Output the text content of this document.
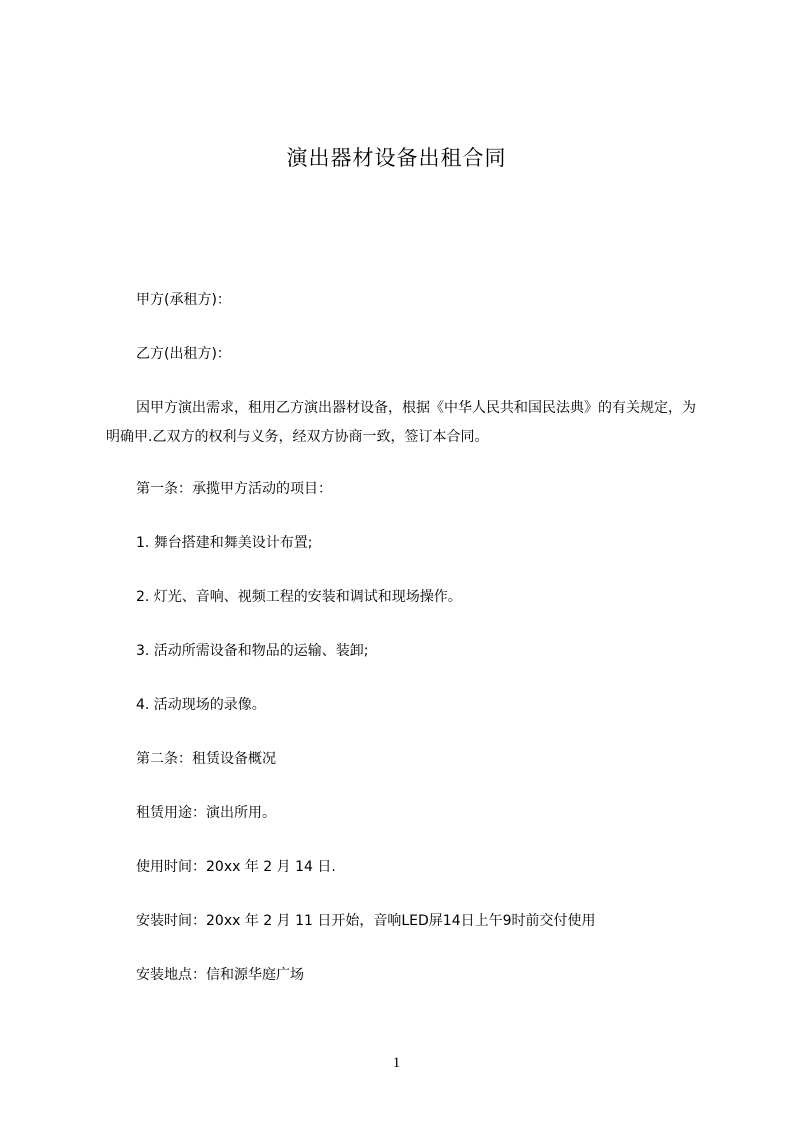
演出器材设备出租合同
甲方(承租方)：
乙方(出租方)：
因甲方演出需求，租用乙方演出器材设备，根据《中华人民共和国民法典》的有关规定，为明确甲.乙双方的权利与义务，经双方协商一致，签订本合同。
第一条：承揽甲方活动的项目：
1. 舞台搭建和舞美设计布置;
2. 灯光、音响、视频工程的安装和调试和现场操作。
3. 活动所需设备和物品的运输、装卸;
4. 活动现场的录像。
第二条：租赁设备概况
租赁用途：演出所用。
使用时间：20xx 年 2 月 14 日.
安装时间：20xx 年 2 月 11 日开始，音响LED屏14日上午9时前交付使用
安装地点：信和源华庭广场
1
